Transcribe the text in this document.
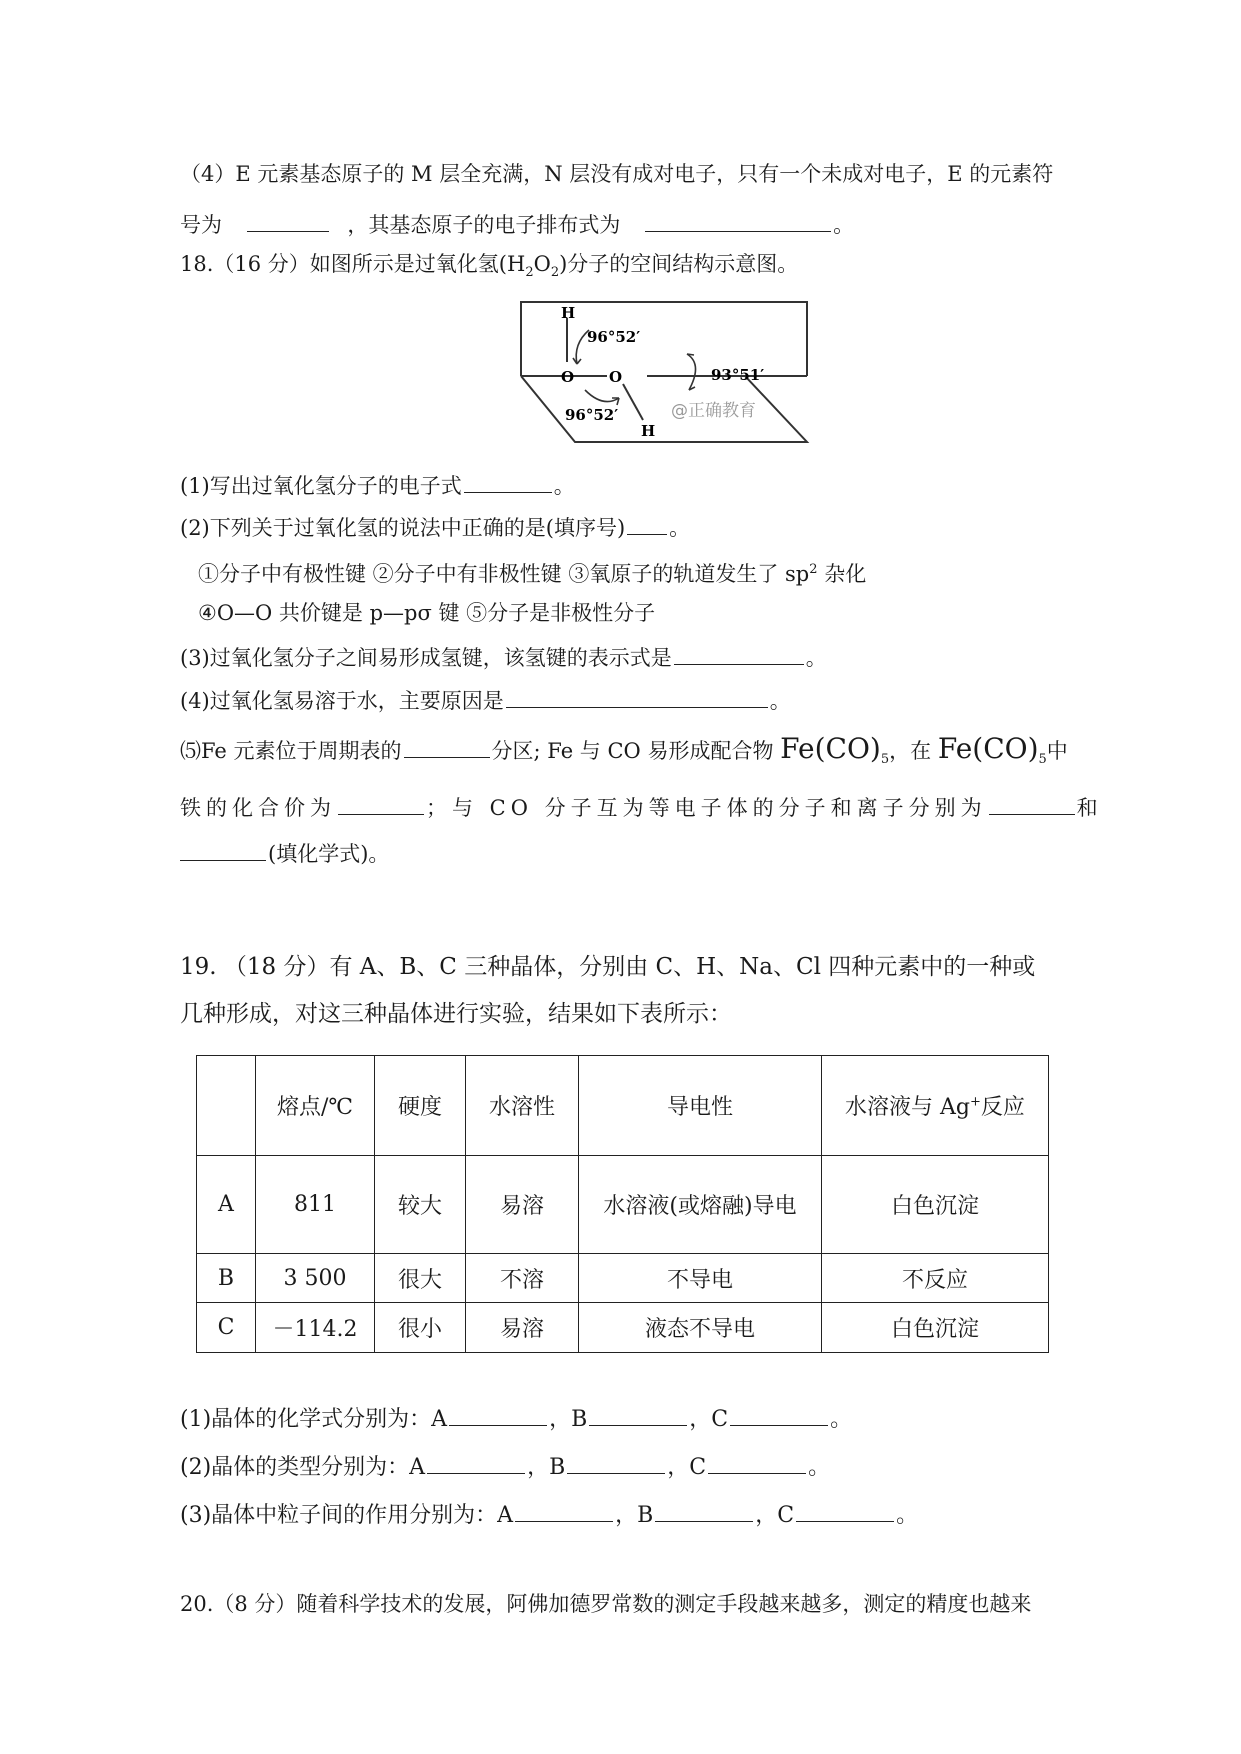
（4）E 元素基态原子的 M 层全充满，N 层没有成对电子，只有一个未成对电子，E 的元素符
号为	，其基态原子的电子排布式为	。
18.（16 分）如图所示是过氧化氢$(H_2O_2)$分子的空间结构示意图。
H
O O
H
96°52′
96°52′
93°51′
@正确教育
(1)写出过氧化氢分子的电子式	。
(2)下列关于过氧化氢的说法中正确的是(填序号) 。
①分子中有极性键 ②分子中有非极性键 ③氧原子的轨道发生了 $sp^2$ 杂化
④O—O 共价键是 p—pσ 键 ⑤分子是非极性分子
(3)过氧化氢分子之间易形成氢键，该氢键的表示式是	。
(4)过氧化氢易溶于水，主要原因是	。
⑸Fe 元素位于周期表的	分区; Fe 与 CO 易形成配合物 $Fe(CO)_5$，在 $Fe(CO)_5$中
铁的化合价为	；与 CO 分子互为等电子体的分子和离子分别为	和
(填化学式)。
19. （18 分）有 A、B、C 三种晶体，分别由 C、H、Na、Cl 四种元素中的一种或
几种形成，对这三种晶体进行实验，结果如下表所示：
	熔点/℃	硬度	水溶性	导电性	水溶液与 Ag+反应
A	811	较大	易溶	水溶液(或熔融)导电	白色沉淀
B	3 500	很大	不溶	不导电	不反应
C	－114.2	很小	易溶	液态不导电	白色沉淀
(1)晶体的化学式分别为：A	，B	，C	。
(2)晶体的类型分别为：A	，B	，C	。
(3)晶体中粒子间的作用分别为：A	，B	，C	。
20.（8 分）随着科学技术的发展，阿佛加德罗常数的测定手段越来越多，测定的精度也越来
